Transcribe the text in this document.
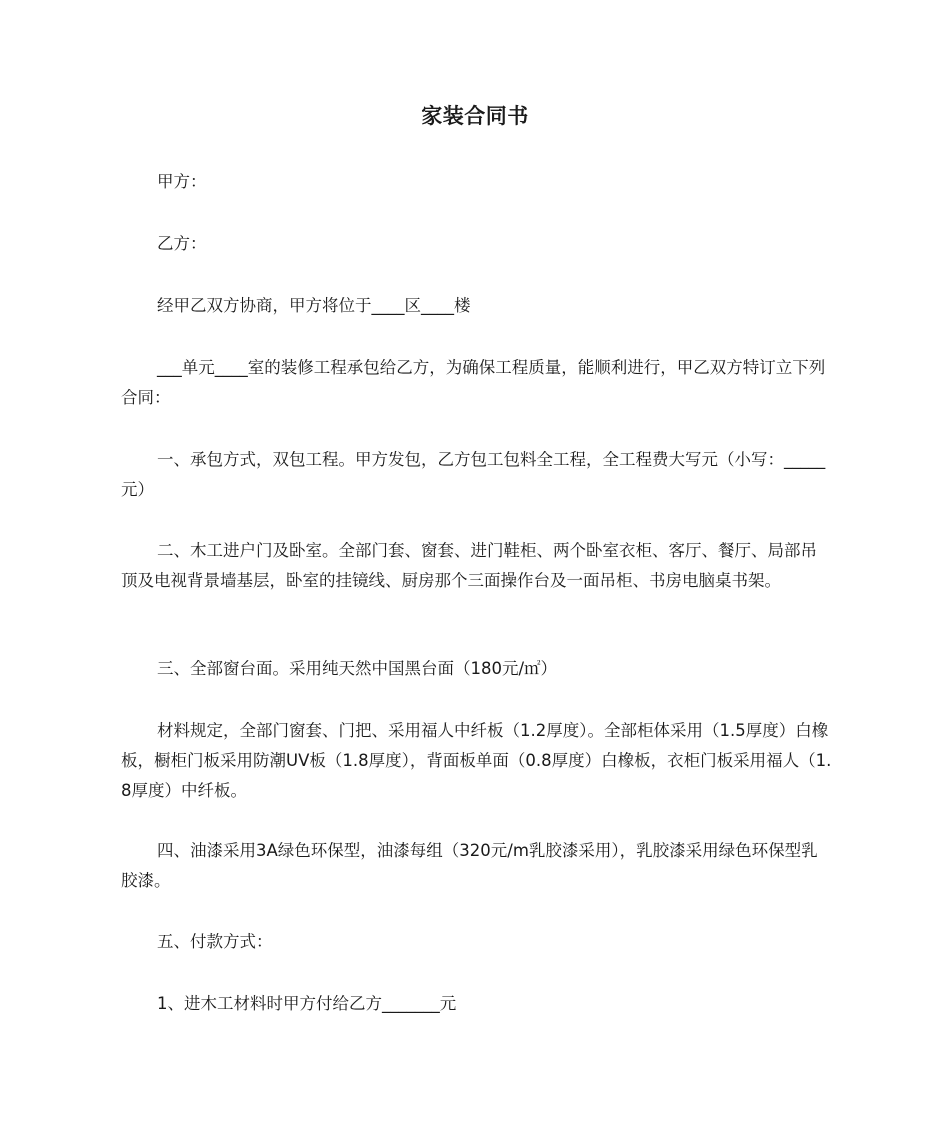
家装合同书

甲方：

乙方：

经甲乙双方协商，甲方将位于____区____楼

___单元____室的装修工程承包给乙方，为确保工程质量，能顺利进行，甲乙双方特订立下列合同：

一、承包方式，双包工程。甲方发包，乙方包工包料全工程，全工程费大写元（小写：_____元）

二、木工进户门及卧室。全部门套、窗套、进门鞋柜、两个卧室衣柜、客厅、餐厅、局部吊顶及电视背景墙基层，卧室的挂镜线、厨房那个三面操作台及一面吊柜、书房电脑桌书架。

三、全部窗台面。采用纯天然中国黑台面（180元/㎡）

材料规定，全部门窗套、门把、采用福人中纤板（1.2厚度）。全部柜体采用（1.5厚度）白橡板，橱柜门板采用防潮UV板（1.8厚度），背面板单面（0.8厚度）白橡板，衣柜门板采用福人（1.8厚度）中纤板。

四、油漆采用3A绿色环保型，油漆每组（320元/m乳胶漆采用），乳胶漆采用绿色环保型乳胶漆。

五、付款方式：

1、进木工材料时甲方付给乙方_______元
